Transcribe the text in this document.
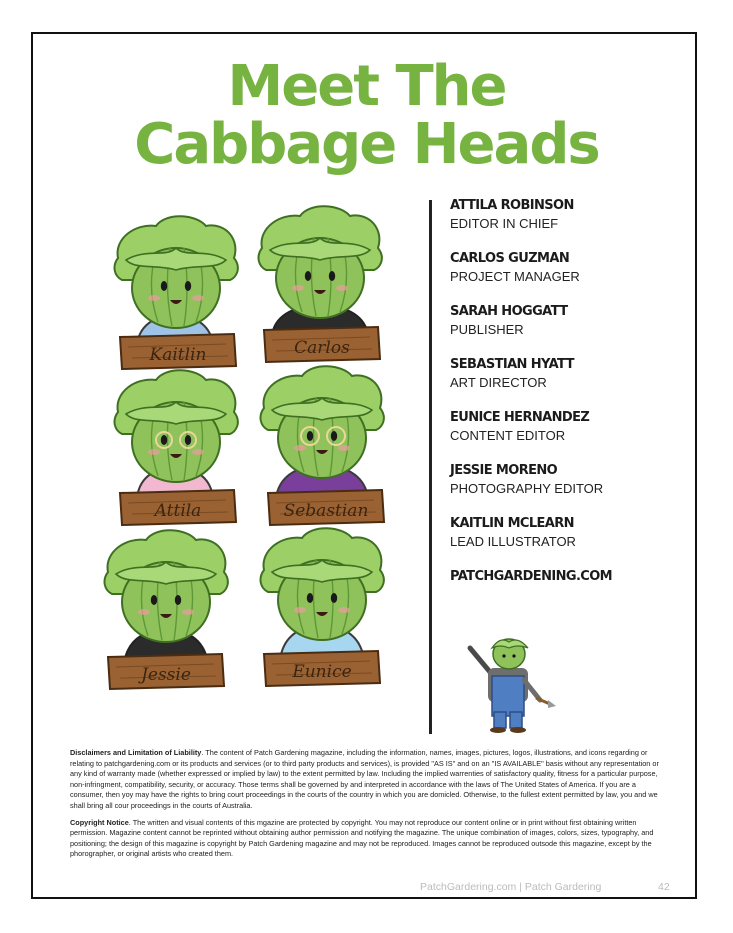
Meet The
Cabbage Heads
Kaitlin	Carlos
Attila	Sebastian
Jessie	Eunice
ATTILA ROBINSON
EDITOR IN CHIEF
CARLOS GUZMAN
PROJECT MANAGER
SARAH HOGGATT
PUBLISHER
SEBASTIAN HYATT
ART DIRECTOR
EUNICE HERNANDEZ
CONTENT EDITOR
JESSIE MORENO
PHOTOGRAPHY EDITOR
KAITLIN MCLEARN
LEAD ILLUSTRATOR
PATCHGARDENING.COM

Disclaimers and Limitation of Liability. The content of Patch Gardening magazine, including the information, names, images, pictures, logos, illustrations, and icons regarding or relating to patchgardening.com or its products and services (or to third party products and services), is provided "AS IS" and on an "IS AVAILABLE" basis without any representation or any kind of warranty made (whether expressed or implied by law) to the extent permitted by law. Including the implied warrenties of satisfactory quality, fitness for a particular purpose, non-infringment, compatibility, security, or accuracy. Those terms shall be governed by and interpreted in accordance with the laws of The United States of America. If you are a consumer, then yoy may have the rights to bring court proceedings in the courts of the country in which you are domicled. Otherwise, to the fullest extent permitted by law, you and we shall bring all cour proceedings in the courts of Australia.

Copyright Notice. The written and visual contents of this mgazine are protected by copyright. You may not reproduce our content online or in print without first obtaining written permission. Magazine content cannot be reprinted without obtaining author permission and notifying the magazine. The unique combination of images, colors, sizes, typography, and positioning; the design of this magazine is copyright by Patch Gardening magazine and may not be reproduced. Images cannot be reproduced outsode this magazine, except by the phorographer, or original artists who created them.

PatchGardering.com | Patch Gardering	42
